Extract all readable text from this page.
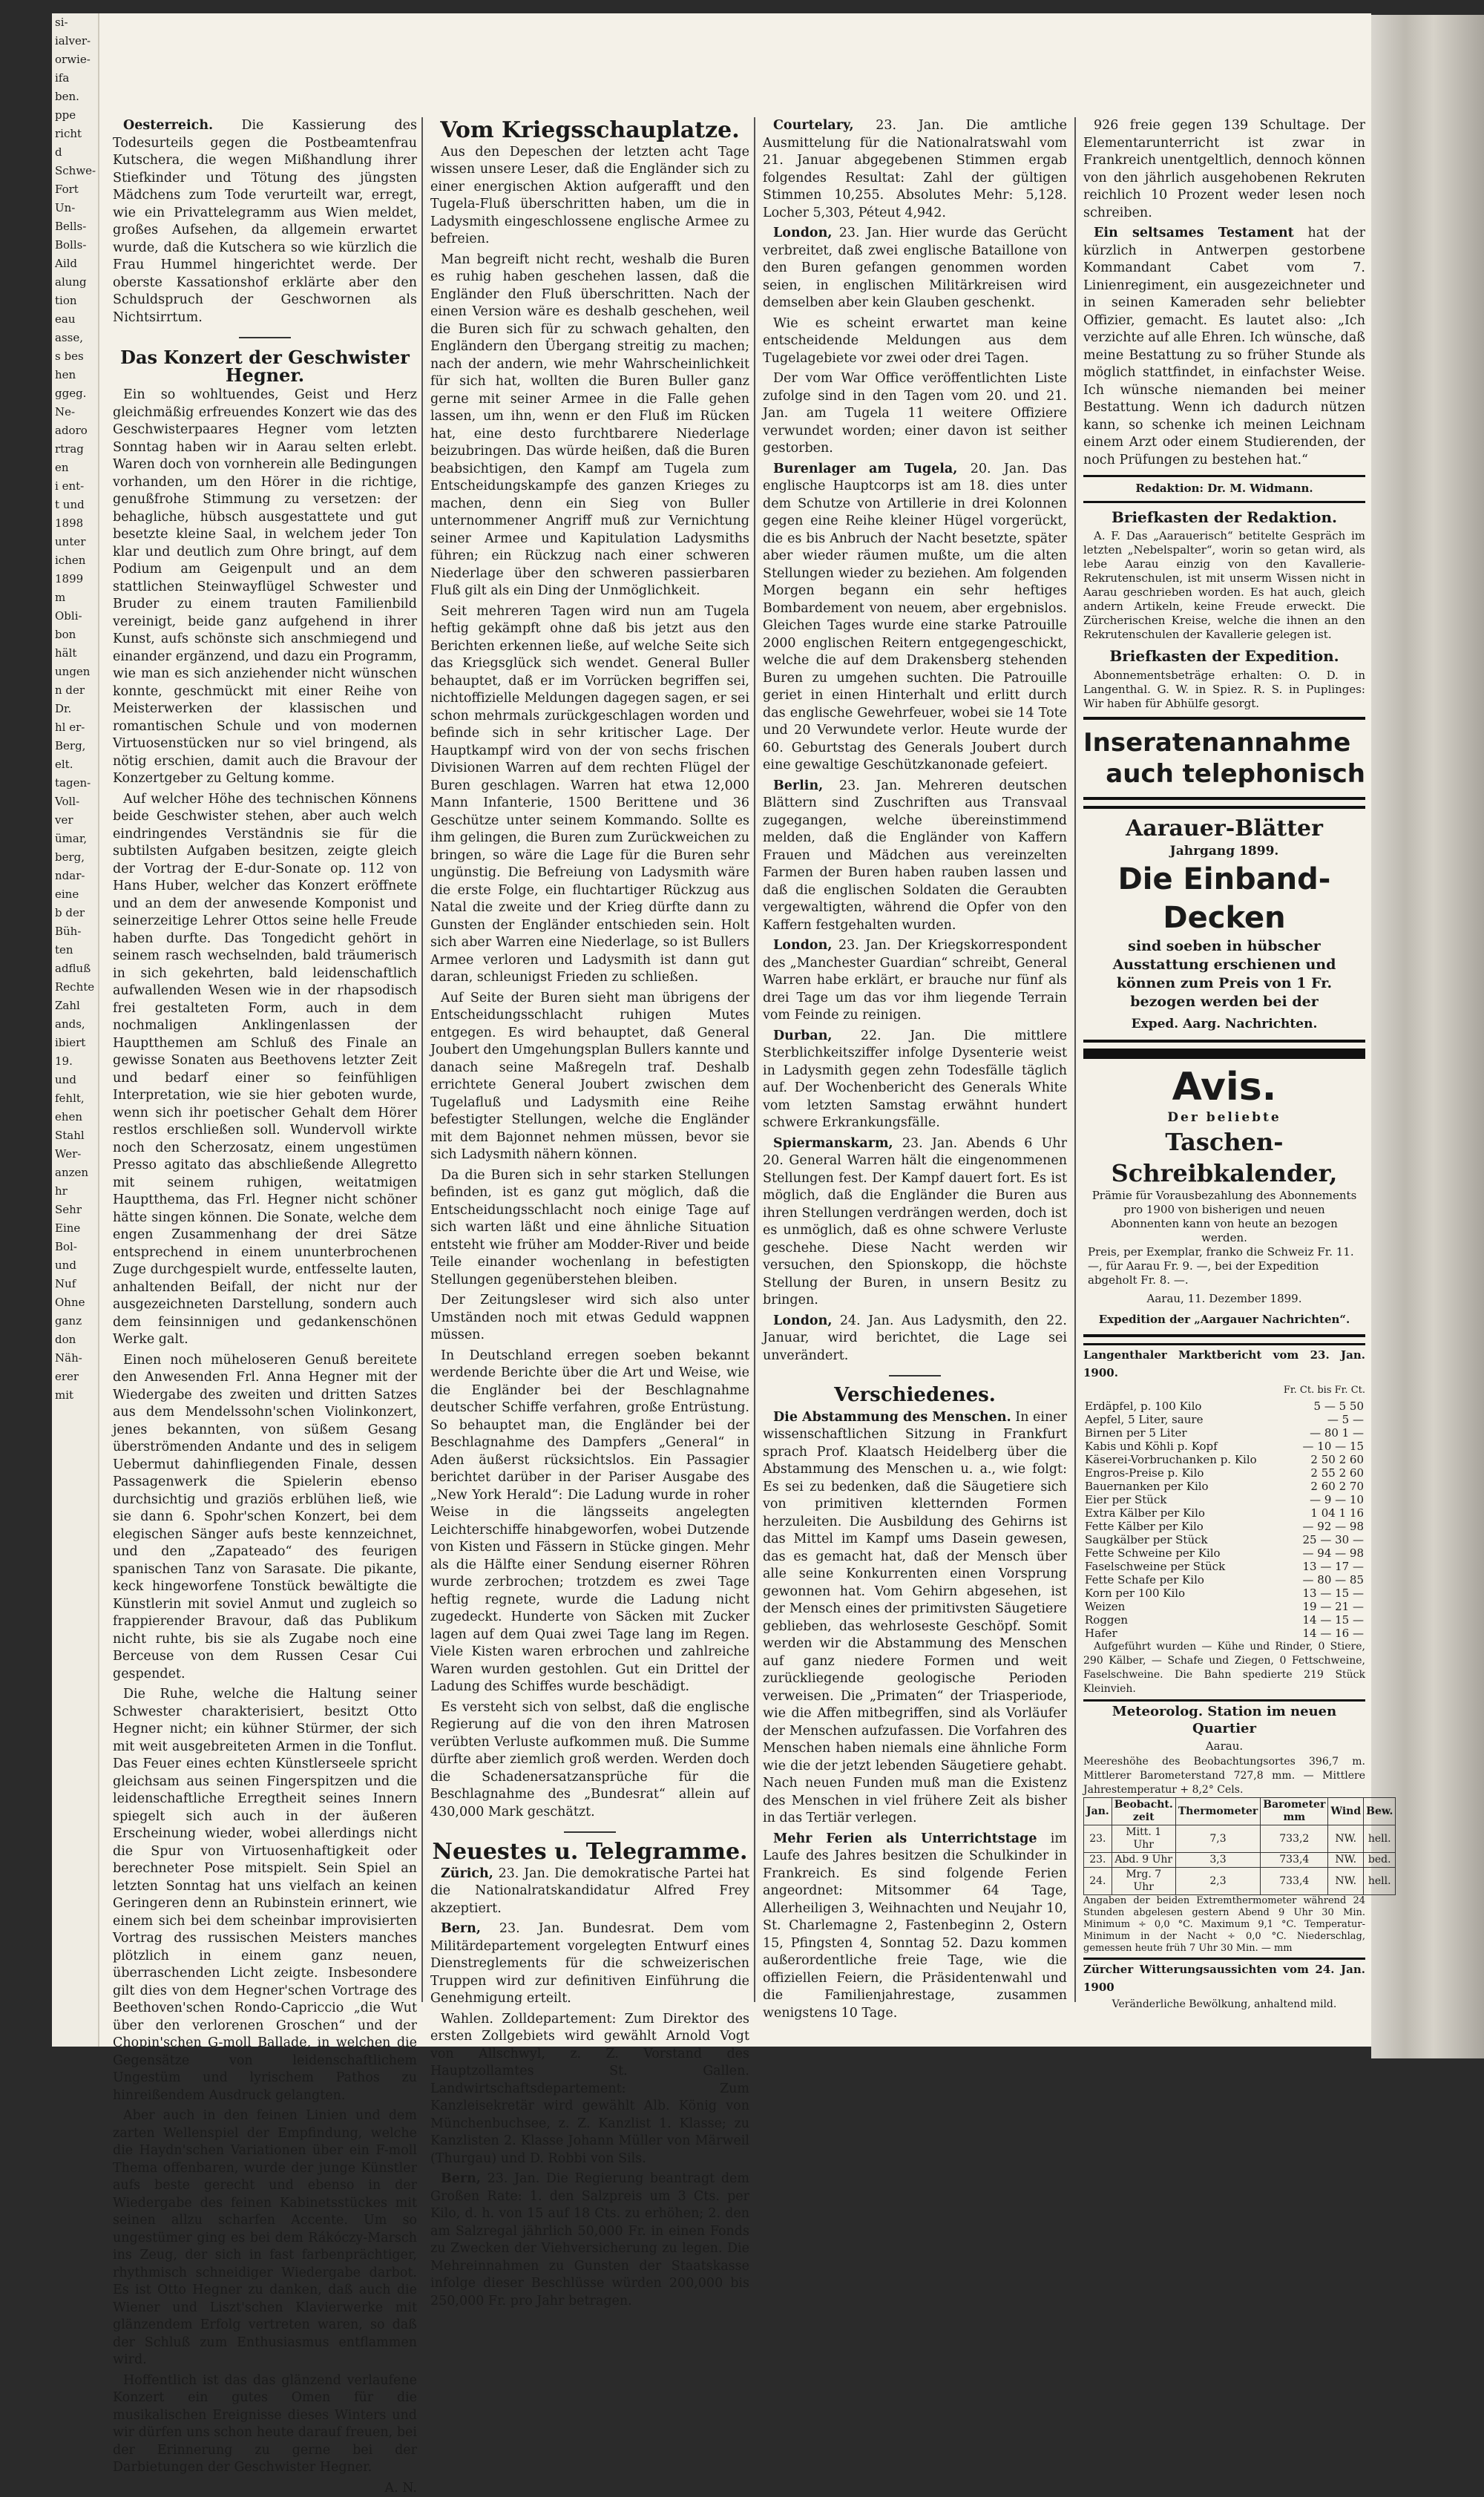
si-
ialver-
orwie-
ifa
ben.
ppe
richt
d
Schwe-
Fort
Un-
Bells-
Bolls-
Aild
alung
tion
eau
asse,
s bes
hen
ggeg.
Ne-
adoro
rtrag
en
i ent-
t und
1898
unter
ichen
1899
m
Obli-
bon
hält
ungen
n der
Dr.
hl er-
Berg,
elt.
tagen-
Voll-
ver
ümar,
berg,
ndar-
eine
b der
Büh-
ten
adfluß
Rechte
Zahl
ands,
ibiert
19.
und
fehlt,
ehen
Stahl
Wer-
anzen
hr
Sehr
Eine
Bol-
und
Nuf
Ohne
ganz
don
Näh-
erer
mit

Oesterreich. Die Kassierung des Todesurteils gegen die Postbeamtenfrau Kutschera, die wegen Mißhandlung ihrer Stiefkinder und Tötung des jüngsten Mädchens zum Tode verurteilt war, erregt, wie ein Privattelegramm aus Wien meldet, großes Aufsehen, da allgemein erwartet wurde, daß die Kutschera so wie kürzlich die Frau Hummel hingerichtet werde. Der oberste Kassationshof erklärte aber den Schuldspruch der Geschwornen als Nichtsirrtum.

Das Konzert der Geschwister Hegner.

Ein so wohltuendes, Geist und Herz gleichmäßig erfreuendes Konzert wie das des Geschwisterpaares Hegner vom letzten Sonntag haben wir in Aarau selten erlebt. Waren doch von vornherein alle Bedingungen vorhanden, um den Hörer in die richtige, genußfrohe Stimmung zu versetzen: der behagliche, hübsch ausgestattete und gut besetzte kleine Saal, in welchem jeder Ton klar und deutlich zum Ohre bringt, auf dem Podium am Geigenpult und an dem stattlichen Steinwayflügel Schwester und Bruder zu einem trauten Familienbild vereinigt, beide ganz aufgehend in ihrer Kunst, aufs schönste sich anschmiegend und einander ergänzend, und dazu ein Programm, wie man es sich anziehender nicht wünschen konnte, geschmückt mit einer Reihe von Meisterwerken der klassischen und romantischen Schule und von modernen Virtuosenstücken nur so viel bringend, als nötig erschien, damit auch die Bravour der Konzertgeber zu Geltung komme.

Auf welcher Höhe des technischen Könnens beide Geschwister stehen, aber auch welch eindringendes Verständnis sie für die subtilsten Aufgaben besitzen, zeigte gleich der Vortrag der E-dur-Sonate op. 112 von Hans Huber, welcher das Konzert eröffnete und an dem der anwesende Komponist und seinerzeitige Lehrer Ottos seine helle Freude haben durfte. Das Tongedicht gehört in seinem rasch wechselnden, bald träumerisch in sich gekehrten, bald leidenschaftlich aufwallenden Wesen wie in der rhapsodisch frei gestalteten Form, auch in dem nochmaligen Anklingenlassen der Hauptthemen am Schluß des Finale an gewisse Sonaten aus Beethovens letzter Zeit und bedarf einer so feinfühligen Interpretation, wie sie hier geboten wurde, wenn sich ihr poetischer Gehalt dem Hörer restlos erschließen soll. Wundervoll wirkte noch den Scherzosatz, einem ungestümen Presso agitato das abschließende Allegretto mit seinem ruhigen, weitatmigen Hauptthema, das Frl. Hegner nicht schöner hätte singen können. Die Sonate, welche dem engen Zusammenhang der drei Sätze entsprechend in einem ununterbrochenen Zuge durchgespielt wurde, entfesselte lauten, anhaltenden Beifall, der nicht nur der ausgezeichneten Darstellung, sondern auch dem feinsinnigen und gedankenschönen Werke galt.

Einen noch müheloseren Genuß bereitete den Anwesenden Frl. Anna Hegner mit der Wiedergabe des zweiten und dritten Satzes aus dem Mendelssohn'schen Violinkonzert, jenes bekannten, von süßem Gesang überströmenden Andante und des in seligem Uebermut dahinfliegenden Finale, dessen Passagenwerk die Spielerin ebenso durchsichtig und graziös erblühen ließ, wie sie dann 6. Spohr'schen Konzert, bei dem elegischen Sänger aufs beste kennzeichnet, und den „Zapateado“ des feurigen spanischen Tanz von Sarasate. Die pikante, keck hingeworfene Tonstück bewältigte die Künstlerin mit soviel Anmut und zugleich so frappierender Bravour, daß das Publikum nicht ruhte, bis sie als Zugabe noch eine Berceuse von dem Russen Cesar Cui gespendet.

Die Ruhe, welche die Haltung seiner Schwester charakterisiert, besitzt Otto Hegner nicht; ein kühner Stürmer, der sich mit weit ausgebreiteten Armen in die Tonflut. Das Feuer eines echten Künstlerseele spricht gleichsam aus seinen Fingerspitzen und die leidenschaftliche Erregtheit seines Innern spiegelt sich auch in der äußeren Erscheinung wieder, wobei allerdings nicht die Spur von Virtuosenhaftigkeit oder berechneter Pose mitspielt. Sein Spiel an letzten Sonntag hat uns vielfach an keinen Geringeren denn an Rubinstein erinnert, wie einem sich bei dem scheinbar improvisierten Vortrag des russischen Meisters manches plötzlich in einem ganz neuen, überraschenden Licht zeigte. Insbesondere gilt dies von dem Hegner'schen Vortrage des Beethoven'schen Rondo-Capriccio „die Wut über den verlorenen Groschen“ und der Chopin'schen G-moll Ballade, in welchen die Gegensätze von leidenschaftlichem Ungestüm und lyrischem Pathos zu hinreißendem Ausdruck gelangten.

Aber auch in den feinen Linien und dem zarten Wellenspiel der Empfindung, welche die Haydn'schen Variationen über ein F-moll Thema offenbaren, wurde der junge Künstler aufs beste gerecht und ebenso in der Wiedergabe des feinen Kabinetsstückes mit seinen allzu scharfen Accente. Um so ungestümer ging es bei dem Rákóczy-Marsch ins Zeug, der sich in fast farbenprächtiger, rhythmisch schneidiger Wiedergabe darbot. Es ist Otto Hegner zu danken, daß auch die Wiener und Liszt'schen Klavierwerke mit glänzendem Erfolg vertreten waren, so daß der Schluß zum Enthusiasmus entflammen wird.

Hoffentlich ist das das glänzend verlaufene Konzert ein gutes Omen für die musikalischen Ereignisse dieses Winters und wir dürfen uns schon heute darauf freuen, bei der Erinnerung zu gerne bei der Darbietungen der Geschwister Hegner.

A. N.

Vom Kriegsschauplatze.

Aus den Depeschen der letzten acht Tage wissen unsere Leser, daß die Engländer sich zu einer energischen Aktion aufgerafft und den Tugela-Fluß überschritten haben, um die in Ladysmith eingeschlossene englische Armee zu befreien.

Man begreift nicht recht, weshalb die Buren es ruhig haben geschehen lassen, daß die Engländer den Fluß überschritten. Nach der einen Version wäre es deshalb geschehen, weil die Buren sich für zu schwach gehalten, den Engländern den Übergang streitig zu machen; nach der andern, wie mehr Wahrscheinlichkeit für sich hat, wollten die Buren Buller ganz gerne mit seiner Armee in die Falle gehen lassen, um ihn, wenn er den Fluß im Rücken hat, eine desto furchtbarere Niederlage beizubringen. Das würde heißen, daß die Buren beabsichtigen, den Kampf am Tugela zum Entscheidungskampfe des ganzen Krieges zu machen, denn ein Sieg von Buller unternommener Angriff muß zur Vernichtung seiner Armee und Kapitulation Ladysmiths führen; ein Rückzug nach einer schweren Niederlage über den schweren passierbaren Fluß gilt als ein Ding der Unmöglichkeit.

Seit mehreren Tagen wird nun am Tugela heftig gekämpft ohne daß bis jetzt aus den Berichten erkennen ließe, auf welche Seite sich das Kriegsglück sich wendet. General Buller behauptet, daß er im Vorrücken begriffen sei, nichtoffizielle Meldungen dagegen sagen, er sei schon mehrmals zurückgeschlagen worden und befinde sich in sehr kritischer Lage. Der Hauptkampf wird von der von sechs frischen Divisionen Warren auf dem rechten Flügel der Buren geschlagen. Warren hat etwa 12,000 Mann Infanterie, 1500 Berittene und 36 Geschütze unter seinem Kommando. Sollte es ihm gelingen, die Buren zum Zurückweichen zu bringen, so wäre die Lage für die Buren sehr ungünstig. Die Befreiung von Ladysmith wäre die erste Folge, ein fluchtartiger Rückzug aus Natal die zweite und der Krieg dürfte dann zu Gunsten der Engländer entschieden sein. Holt sich aber Warren eine Niederlage, so ist Bullers Armee verloren und Ladysmith ist dann gut daran, schleunigst Frieden zu schließen.

Auf Seite der Buren sieht man übrigens der Entscheidungsschlacht ruhigen Mutes entgegen. Es wird behauptet, daß General Joubert den Umgehungsplan Bullers kannte und danach seine Maßregeln traf. Deshalb errichtete General Joubert zwischen dem Tugelafluß und Ladysmith eine Reihe befestigter Stellungen, welche die Engländer mit dem Bajonnet nehmen müssen, bevor sie sich Ladysmith nähern können.

Da die Buren sich in sehr starken Stellungen befinden, ist es ganz gut möglich, daß die Entscheidungsschlacht noch einige Tage auf sich warten läßt und eine ähnliche Situation entsteht wie früher am Modder-River und beide Teile einander wochenlang in befestigten Stellungen gegenüberstehen bleiben.

Der Zeitungsleser wird sich also unter Umständen noch mit etwas Geduld wappnen müssen.

In Deutschland erregen soeben bekannt werdende Berichte über die Art und Weise, wie die Engländer bei der Beschlagnahme deutscher Schiffe verfahren, große Entrüstung. So behauptet man, die Engländer bei der Beschlagnahme des Dampfers „General“ in Aden äußerst rücksichtslos. Ein Passagier berichtet darüber in der Pariser Ausgabe des „New York Herald“: Die Ladung wurde in roher Weise in die längsseits angelegten Leichterschiffe hinabgeworfen, wobei Dutzende von Kisten und Fässern in Stücke gingen. Mehr als die Hälfte einer Sendung eiserner Röhren wurde zerbrochen; trotzdem es zwei Tage heftig regnete, wurde die Ladung nicht zugedeckt. Hunderte von Säcken mit Zucker lagen auf dem Quai zwei Tage lang im Regen. Viele Kisten waren erbrochen und zahlreiche Waren wurden gestohlen. Gut ein Drittel der Ladung des Schiffes wurde beschädigt.

Es versteht sich von selbst, daß die englische Regierung auf die von den ihren Matrosen verübten Verluste aufkommen muß. Die Summe dürfte aber ziemlich groß werden. Werden doch die Schadenersatzansprüche für die Beschlagnahme des „Bundesrat“ allein auf 430,000 Mark geschätzt.

Neuestes u. Telegramme.

Zürich, 23. Jan. Die demokratische Partei hat die Nationalratskandidatur Alfred Frey akzeptiert.

Bern, 23. Jan. Bundesrat. Dem vom Militärdepartement vorgelegten Entwurf eines Dienstreglements für die schweizerischen Truppen wird zur definitiven Einführung die Genehmigung erteilt.

Wahlen. Zolldepartement: Zum Direktor des ersten Zollgebiets wird gewählt Arnold Vogt von Allschwyl, z. Z. Vorstand des Hauptzollamtes St. Gallen. Landwirtschaftsdepartement: Zum Kanzleisekretär wird gewählt Alb. König von Münchenbuchsee, z. Z. Kanzlist 1. Klasse; zu Kanzlisten 2. Klasse Johann Müller von Märweil (Thurgau) und D. Robbi von Sils.

Bern, 23. Jan. Die Regierung beantragt dem Großen Rate: 1. den Salzpreis um 3 Cts. per Kilo, d. h. von 15 auf 18 Cts. zu erhöhen; 2. den am Salzregal jährlich 50,000 Fr. in einen Fonds zu Zwecken der Viehversicherung zu legen. Die Mehreinnahmen zu Gunsten der Staatskasse infolge dieser Beschlüsse würden 200,000 bis 250,000 Fr. pro Jahr betragen.

Courtelary, 23. Jan. Die amtliche Ausmittelung für die Nationalratswahl vom 21. Januar abgegebenen Stimmen ergab folgendes Resultat: Zahl der gültigen Stimmen 10,255. Absolutes Mehr: 5,128. Locher 5,303, Péteut 4,942.

London, 23. Jan. Hier wurde das Gerücht verbreitet, daß zwei englische Bataillone von den Buren gefangen genommen worden seien, in englischen Militärkreisen wird demselben aber kein Glauben geschenkt.

Wie es scheint erwartet man keine entscheidende Meldungen aus dem Tugelagebiete vor zwei oder drei Tagen.

Der vom War Office veröffentlichten Liste zufolge sind in den Tagen vom 20. und 21. Jan. am Tugela 11 weitere Offiziere verwundet worden; einer davon ist seither gestorben.

Burenlager am Tugela, 20. Jan. Das englische Hauptcorps ist am 18. dies unter dem Schutze von Artillerie in drei Kolonnen gegen eine Reihe kleiner Hügel vorgerückt, die es bis Anbruch der Nacht besetzte, später aber wieder räumen mußte, um die alten Stellungen wieder zu beziehen. Am folgenden Morgen begann ein sehr heftiges Bombardement von neuem, aber ergebnislos. Gleichen Tages wurde eine starke Patrouille 2000 englischen Reitern entgegengeschickt, welche die auf dem Drakensberg stehenden Buren zu umgehen suchten. Die Patrouille geriet in einen Hinterhalt und erlitt durch das englische Gewehrfeuer, wobei sie 14 Tote und 20 Verwundete verlor. Heute wurde der 60. Geburtstag des Generals Joubert durch eine gewaltige Geschützkanonade gefeiert.

Berlin, 23. Jan. Mehreren deutschen Blättern sind Zuschriften aus Transvaal zugegangen, welche übereinstimmend melden, daß die Engländer von Kaffern Frauen und Mädchen aus vereinzelten Farmen der Buren haben rauben lassen und daß die englischen Soldaten die Geraubten vergewaltigten, während die Opfer von den Kaffern festgehalten wurden.

London, 23. Jan. Der Kriegskorrespondent des „Manchester Guardian“ schreibt, General Warren habe erklärt, er brauche nur fünf als drei Tage um das vor ihm liegende Terrain vom Feinde zu reinigen.

Durban, 22. Jan. Die mittlere Sterblichkeitsziffer infolge Dysenterie weist in Ladysmith gegen zehn Todesfälle täglich auf. Der Wochenbericht des Generals White vom letzten Samstag erwähnt hundert schwere Erkrankungsfälle.

Spiermanskarm, 23. Jan. Abends 6 Uhr 20. General Warren hält die eingenommenen Stellungen fest. Der Kampf dauert fort. Es ist möglich, daß die Engländer die Buren aus ihren Stellungen verdrängen werden, doch ist es unmöglich, daß es ohne schwere Verluste geschehe. Diese Nacht werden wir versuchen, den Spionskopp, die höchste Stellung der Buren, in unsern Besitz zu bringen.

London, 24. Jan. Aus Ladysmith, den 22. Januar, wird berichtet, die Lage sei unverändert.

Verschiedenes.

Die Abstammung des Menschen. In einer wissenschaftlichen Sitzung in Frankfurt sprach Prof. Klaatsch Heidelberg über die Abstammung des Menschen u. a., wie folgt: Es sei zu bedenken, daß die Säugetiere sich von primitiven kletternden Formen herzuleiten. Die Ausbildung des Gehirns ist das Mittel im Kampf ums Dasein gewesen, das es gemacht hat, daß der Mensch über alle seine Konkurrenten einen Vorsprung gewonnen hat. Vom Gehirn abgesehen, ist der Mensch eines der primitivsten Säugetiere geblieben, das wehrloseste Geschöpf. Somit werden wir die Abstammung des Menschen auf ganz niedere Formen und weit zurückliegende geologische Perioden verweisen. Die „Primaten“ der Triasperiode, wie die Affen mitbegriffen, sind als Vorläufer der Menschen aufzufassen. Die Vorfahren des Menschen haben niemals eine ähnliche Form wie die der jetzt lebenden Säugetiere gehabt. Nach neuen Funden muß man die Existenz des Menschen in viel frühere Zeit als bisher in das Tertiär verlegen.

Mehr Ferien als Unterrichtstage im Laufe des Jahres besitzen die Schulkinder in Frankreich. Es sind folgende Ferien angeordnet: Mitsommer 64 Tage, Allerheiligen 3, Weihnachten und Neujahr 10, St. Charlemagne 2, Fastenbeginn 2, Ostern 15, Pfingsten 4, Sonntag 52. Dazu kommen außerordentliche freie Tage, wie die offiziellen Feiern, die Präsidentenwahl und die Familienjahrestage, zusammen wenigstens 10 Tage.

926 freie gegen 139 Schultage. Der Elementarunterricht ist zwar in Frankreich unentgeltlich, dennoch können von den jährlich ausgehobenen Rekruten reichlich 10 Prozent weder lesen noch schreiben.

Ein seltsames Testament hat der kürzlich in Antwerpen gestorbene Kommandant Cabet vom 7. Linienregiment, ein ausgezeichneter und in seinen Kameraden sehr beliebter Offizier, gemacht. Es lautet also: „Ich verzichte auf alle Ehren. Ich wünsche, daß meine Bestattung zu so früher Stunde als möglich stattfindet, in einfachster Weise. Ich wünsche niemanden bei meiner Bestattung. Wenn ich dadurch nützen kann, so schenke ich meinen Leichnam einem Arzt oder einem Studierenden, der noch Prüfungen zu bestehen hat.“

Redaktion: Dr. M. Widmann.
Briefkasten der Redaktion.

A. F. Das „Aarauerisch“ betitelte Gespräch im letzten „Nebelspalter“, worin so getan wird, als lebe Aarau einzig von den Kavallerie-Rekrutenschulen, ist mit unserm Wissen nicht in Aarau geschrieben worden. Es hat auch, gleich andern Artikeln, keine Freude erweckt. Die Zürcherischen Kreise, welche die ihnen an den Rekrutenschulen der Kavallerie gelegen ist.

Briefkasten der Expedition.

Abonnementsbeträge erhalten: O. D. in Langenthal. G. W. in Spiez. R. S. in Puplinges: Wir haben für Abhülfe gesorgt.

Inseratenannahme
auch telephonisch
Aarauer-Blätter
Jahrgang 1899.
Die Einband-Decken
sind soeben in hübscher Ausstattung erschienen und können zum Preis von 1 Fr. bezogen werden bei der
Exped. Aarg. Nachrichten.
Avis.
Der beliebte
Taschen-Schreibkalender,
Prämie für Vorausbezahlung des Abonnements pro 1900 von bisherigen und neuen Abonnenten kann von heute an bezogen werden.
Preis, per Exemplar, franko die Schweiz Fr. 11. —, für Aarau Fr. 9. —, bei der Expedition abgeholt Fr. 8. —.
Aarau, 11. Dezember 1899.
Expedition der „Aargauer Nachrichten“.
Langenthaler Marktbericht vom 23. Jan. 1900.
Fr. Ct. bis Fr. Ct.
Erdäpfel, p. 100 Kilo	5 — 5 50
Aepfel, 5 Liter, saure	— 5 —
Birnen per 5 Liter	— 80 1 —
Kabis und Köhli p. Kopf	— 10 — 15
Käserei-Vorbruchanken p. Kilo	2 50 2 60
Engros-Preise p. Kilo	2 55 2 60
Bauernanken per Kilo	2 60 2 70
Eier per Stück	— 9 — 10
Extra Kälber per Kilo	1 04 1 16
Fette Kälber per Kilo	— 92 — 98
Saugkälber per Stück	25 — 30 —
Fette Schweine per Kilo	— 94 — 98
Faselschweine per Stück	13 — 17 —
Fette Schafe per Kilo	— 80 — 85
Korn per 100 Kilo	13 — 15 —
Weizen	19 — 21 —
Roggen	14 — 15 —
Hafer	14 — 16 —

Aufgeführt wurden — Kühe und Rinder, 0 Stiere, 290 Kälber, — Schafe und Ziegen, 0 Fettschweine, Faselschweine. Die Bahn spedierte 219 Stück Kleinvieh.

Meteorolog. Station im neuen Quartier
Aarau.
Meereshöhe des Beobachtungsortes 396,7 m. Mittlerer Barometerstand 727,8 mm. — Mittlere Jahrestemperatur + 8,2° Cels.
Jan.	Beobacht. zeit	Thermometer	Barometer mm	Wind	Bew.
23.	Mitt. 1 Uhr	7,3	733,2	NW.	hell.
23.	Abd. 9 Uhr	3,3	733,4	NW.	bed.
24.	Mrg. 7 Uhr	2,3	733,4	NW.	hell.
Angaben der beiden Extremthermometer während 24 Stunden abgelesen gestern Abend 9 Uhr 30 Min. Minimum ÷ 0,0 °C. Maximum 9,1 °C. Temperatur-Minimum in der Nacht ÷ 0,0 °C. Niederschlag, gemessen heute früh 7 Uhr 30 Min. — mm
Zürcher Witterungsaussichten vom 24. Jan. 1900
Veränderliche Bewölkung, anhaltend mild.
